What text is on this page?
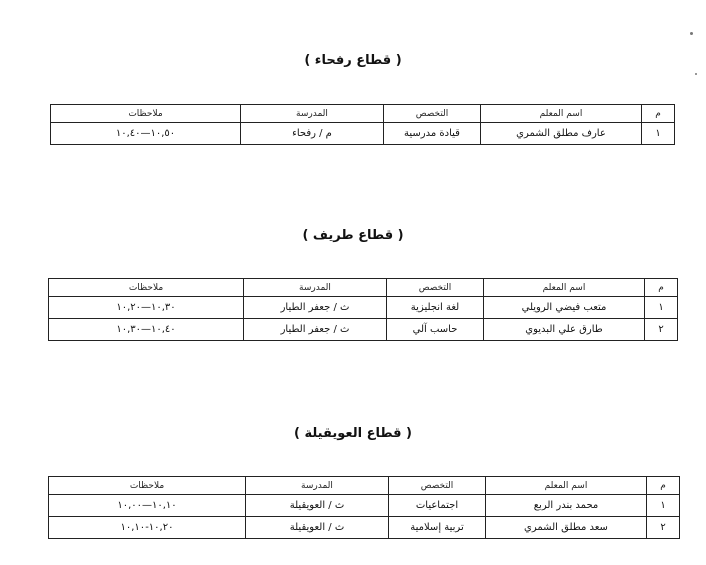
( قطاع رفحاء )
م	اسم المعلم	التخصص	المدرسة	ملاحظات
١	عارف مطلق الشمري	قيادة مدرسية	م / رفحاء	١٠,٥٠—١٠,٤٠
( قطاع طريف )
م	اسم المعلم	التخصص	المدرسة	ملاحظات
١	متعب فيضي الرويلي	لغة انجليزية	ث / جعفر الطيار	١٠,٣٠—١٠,٢٠
٢	طارق علي البديوي	حاسب آلي	ث / جعفر الطيار	١٠,٤٠—١٠,٣٠
( قطاع العويقيلة )
م	اسم المعلم	التخصص	المدرسة	ملاحظات
١	محمد بندر الربع	اجتماعيات	ث / العويقيلة	١٠,١٠—١٠,٠٠
٢	سعد مطلق الشمري	تربية إسلامية	ث / العويقيلة	١٠,٢٠-١٠,١٠
